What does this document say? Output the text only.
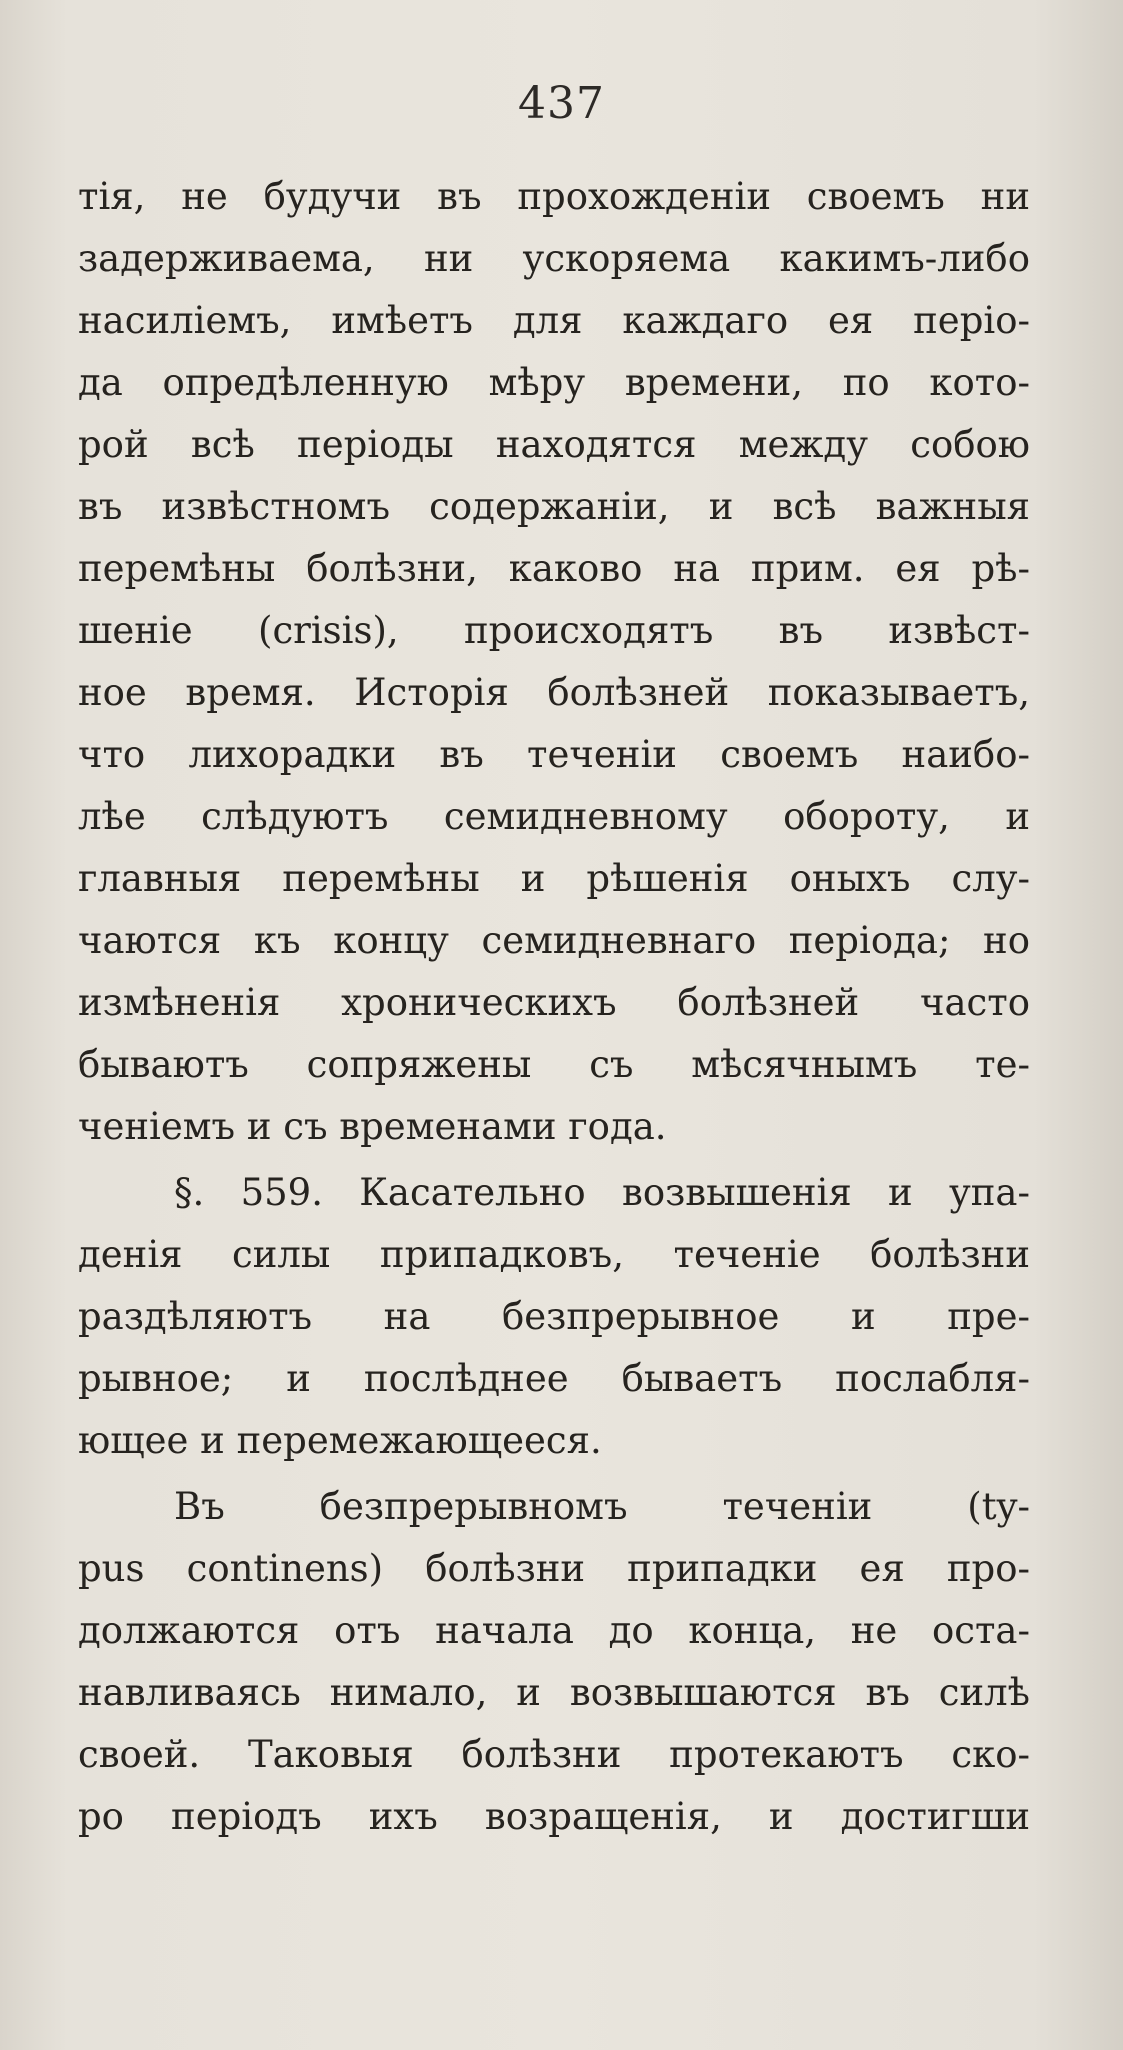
437
тія, не будучи въ прохожденіи своемъ ни
задерживаема, ни ускоряема какимъ-либо
насиліемъ, имѣетъ для каждаго ея періо-
да опредѣленную мѣру времени, по кото-
рой всѣ періоды находятся между собою
въ извѣстномъ содержаніи, и всѣ важныя
перемѣны болѣзни, каково на прим. ея рѣ-
шеніе (crisis), происходятъ въ извѣст-
ное время. Исторія болѣзней показываетъ,
что лихорадки въ теченіи своемъ наибо-
лѣе слѣдуютъ семидневному обороту, и
главныя перемѣны и рѣшенія оныхъ слу-
чаются къ концу семидневнаго періода; но
измѣненія хроническихъ болѣзней часто
бываютъ сопряжены съ мѣсячнымъ те-
ченіемъ и съ временами года.
§. 559. Касательно возвышенія и упа-
денія силы припадковъ, теченіе болѣзни
раздѣляютъ на безпрерывное и пре-
рывное; и послѣднее бываетъ послабля-
ющее и перемежающееся.
Въ безпрерывномъ теченіи (ty-
pus continens) болѣзни припадки ея про-
должаются отъ начала до конца, не оста-
навливаясь нимало, и возвышаются въ силѣ
своей. Таковыя болѣзни протекаютъ ско-
ро періодъ ихъ возращенія, и достигши
